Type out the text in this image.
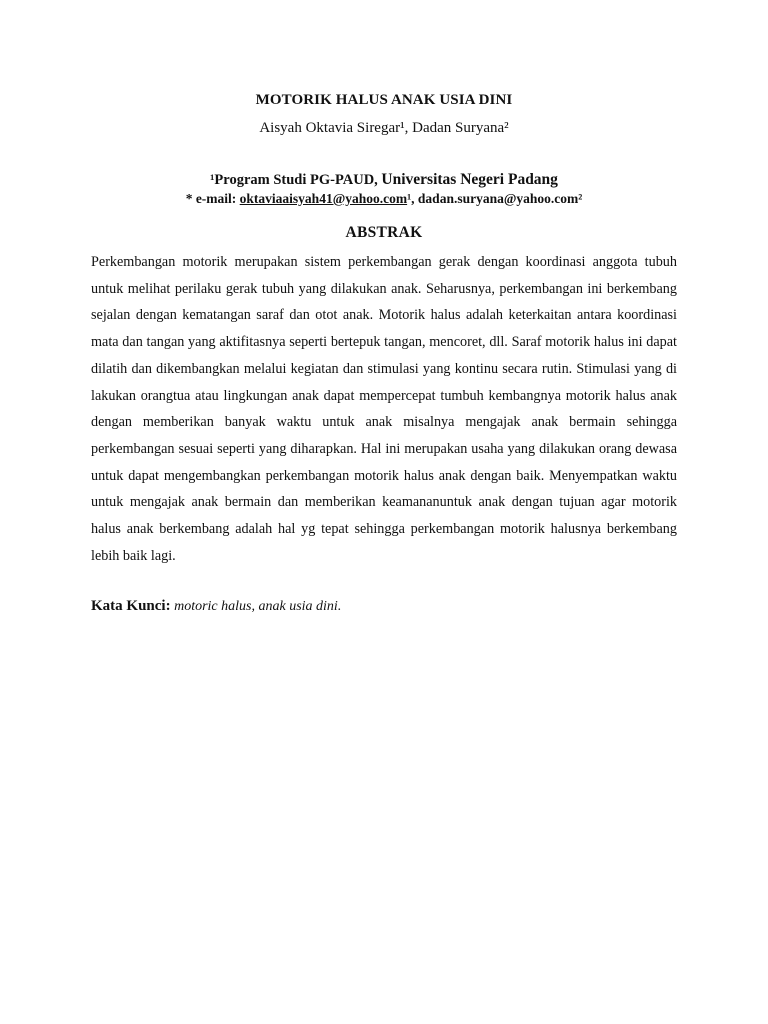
MOTORIK HALUS ANAK USIA DINI
Aisyah Oktavia Siregar¹, Dadan Suryana²
¹Program Studi PG-PAUD, Universitas Negeri Padang
* e-mail: oktaviaaisyah41@yahoo.com¹, dadan.suryana@yahoo.com²
ABSTRAK
Perkembangan motorik merupakan sistem perkembangan gerak dengan koordinasi anggota tubuh untuk melihat perilaku gerak tubuh yang dilakukan anak. Seharusnya, perkembangan ini berkembang sejalan dengan kematangan saraf dan otot anak. Motorik halus adalah keterkaitan antara koordinasi mata dan tangan yang aktifitasnya seperti bertepuk tangan, mencoret, dll. Saraf motorik halus ini dapat dilatih dan dikembangkan melalui kegiatan dan stimulasi yang kontinu secara rutin. Stimulasi yang di lakukan orangtua atau lingkungan anak dapat mempercepat tumbuh kembangnya motorik halus anak dengan memberikan banyak waktu untuk anak misalnya mengajak anak bermain sehingga perkembangan sesuai seperti yang diharapkan. Hal ini merupakan usaha yang dilakukan orang dewasa untuk dapat mengembangkan perkembangan motorik halus anak dengan baik. Menyempatkan waktu untuk mengajak anak bermain dan memberikan keamananuntuk anak dengan tujuan agar motorik halus anak berkembang adalah hal yg tepat sehingga perkembangan motorik halusnya berkembang lebih baik lagi.
Kata Kunci: motoric halus, anak usia dini.
